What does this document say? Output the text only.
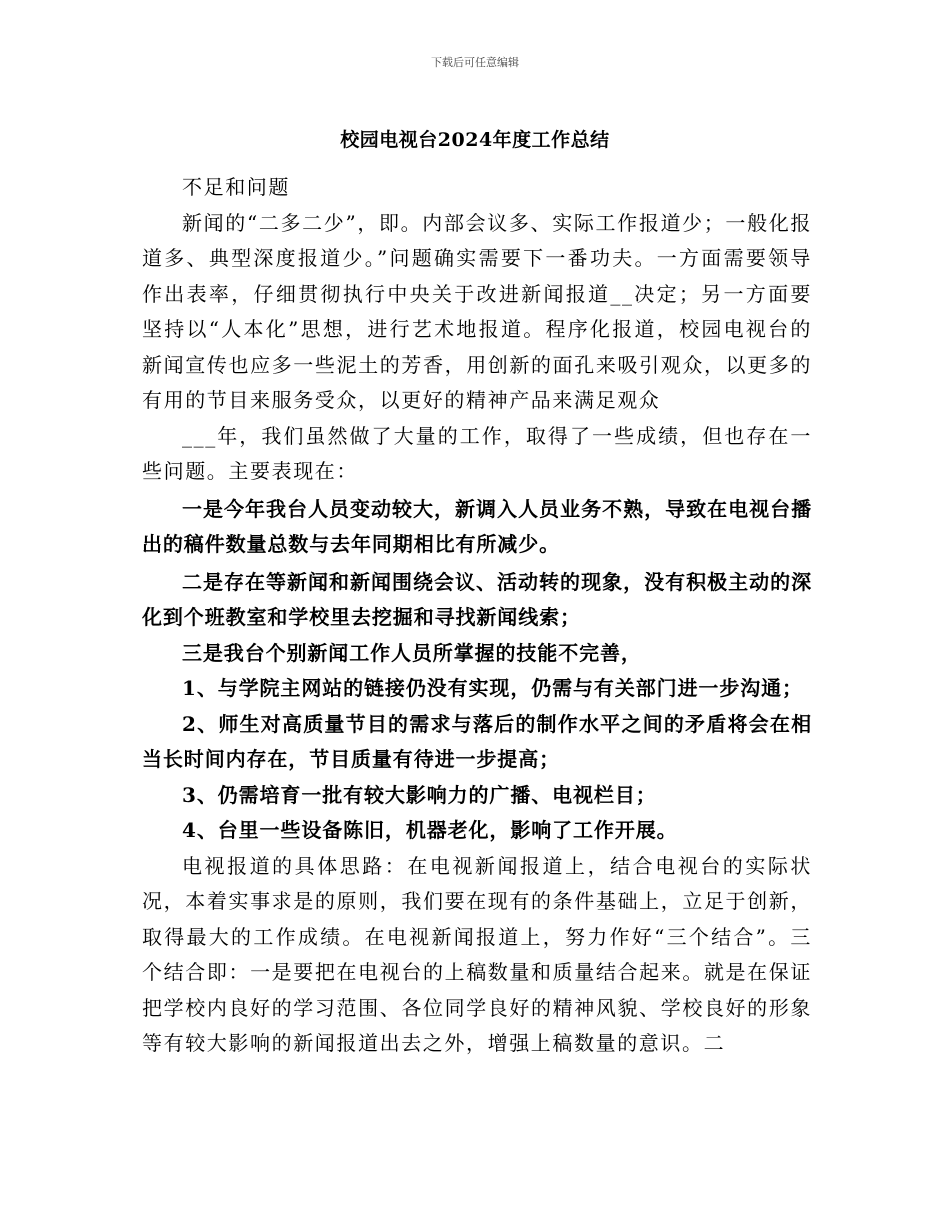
下载后可任意编辑
校园电视台2024年度工作总结

不足和问题

新闻的“二多二少”，即。内部会议多、实际工作报道少；一般化报道多、典型深度报道少。”问题确实需要下一番功夫。一方面需要领导作出表率，仔细贯彻执行中央关于改进新闻报道__决定；另一方面要坚持以“人本化”思想，进行艺术地报道。程序化报道，校园电视台的新闻宣传也应多一些泥土的芳香，用创新的面孔来吸引观众，以更多的有用的节目来服务受众，以更好的精神产品来满足观众

___年，我们虽然做了大量的工作，取得了一些成绩，但也存在一些问题。主要表现在：

一是今年我台人员变动较大，新调入人员业务不熟，导致在电视台播出的稿件数量总数与去年同期相比有所减少。

二是存在等新闻和新闻围绕会议、活动转的现象，没有积极主动的深化到个班教室和学校里去挖掘和寻找新闻线索；

三是我台个别新闻工作人员所掌握的技能不完善，

1、与学院主网站的链接仍没有实现，仍需与有关部门进一步沟通；

2、师生对高质量节目的需求与落后的制作水平之间的矛盾将会在相当长时间内存在，节目质量有待进一步提高；

3、仍需培育一批有较大影响力的广播、电视栏目；

4、台里一些设备陈旧，机器老化，影响了工作开展。

电视报道的具体思路：在电视新闻报道上，结合电视台的实际状况，本着实事求是的原则，我们要在现有的条件基础上，立足于创新，取得最大的工作成绩。在电视新闻报道上，努力作好“三个结合”。三个结合即：一是要把在电视台的上稿数量和质量结合起来。就是在保证把学校内良好的学习范围、各位同学良好的精神风貌、学校良好的形象等有较大影响的新闻报道出去之外，增强上稿数量的意识。二
